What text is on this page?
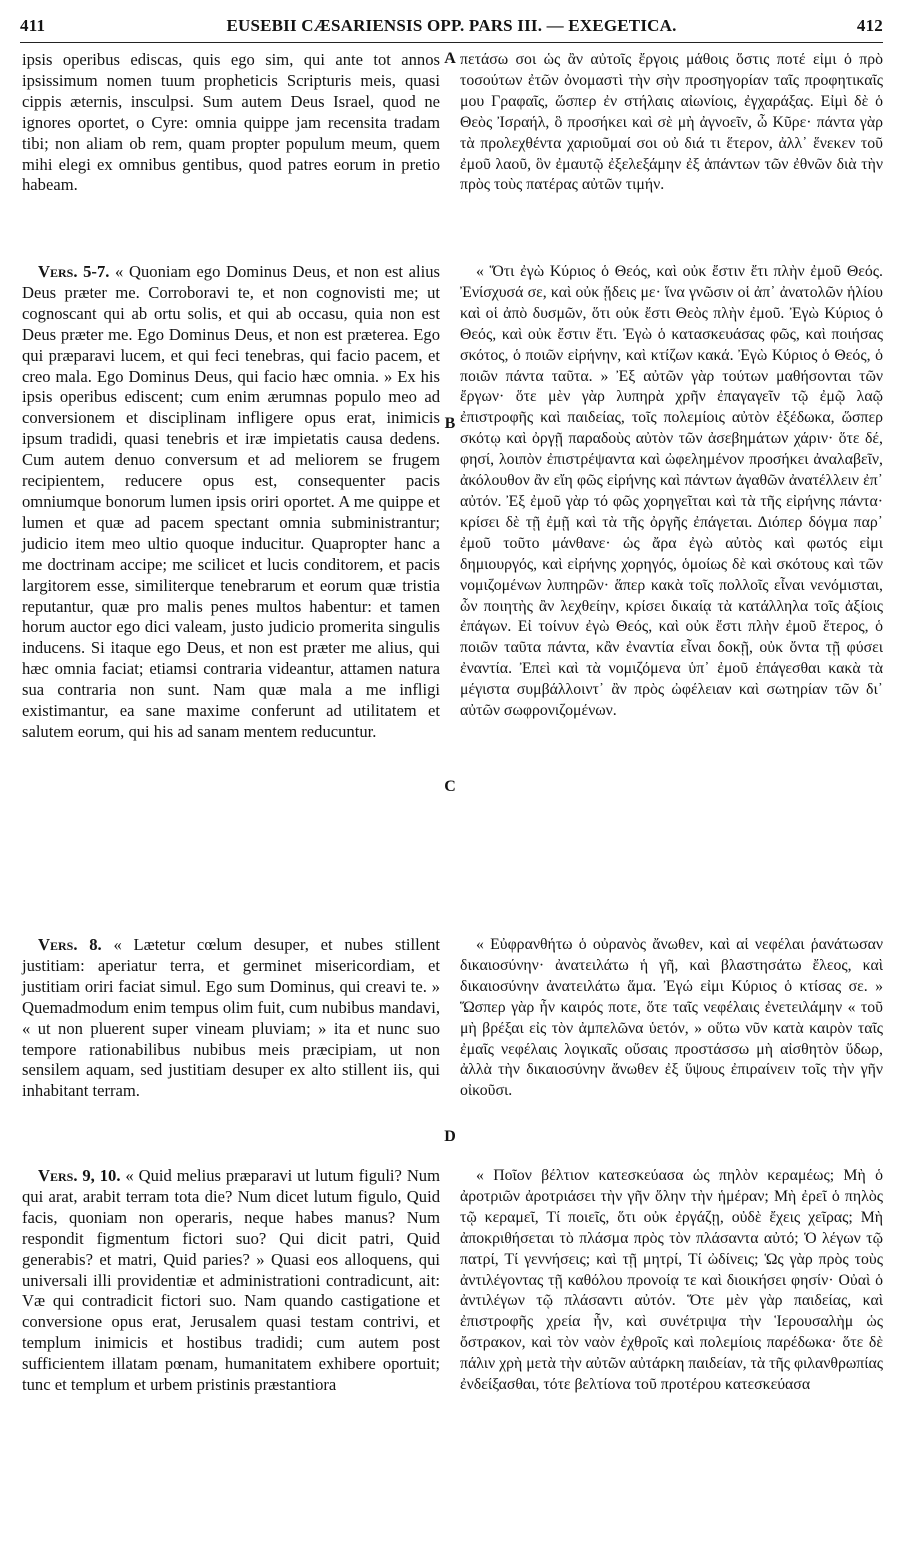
411	EUSEBII CÆSARIENSIS OPP. PARS III. — EXEGETICA.	412

ipsis operibus ediscas, quis ego sim, qui ante tot annos ipsissimum nomen tuum propheticis Scripturis meis, quasi cippis æternis, insculpsi. Sum autem Deus Israel, quod ne ignores oportet, o Cyre: omnia quippe jam recensita tradam tibi; non aliam ob rem, quam propter populum meum, quem mihi elegi ex omnibus gentibus, quod patres eorum in pretio habeam.

Vers. 5-7. « Quoniam ego Dominus Deus, et non est alius Deus præter me. Corroboravi te, et non cognovisti me; ut cognoscant qui ab ortu solis, et qui ab occasu, quia non est Deus præter me. Ego Dominus Deus, et non est præterea. Ego qui præparavi lucem, et qui feci tenebras, qui facio pacem, et creo mala. Ego Dominus Deus, qui facio hæc omnia. » Ex his ipsis operibus ediscent; cum enim ærumnas populo meo ad conversionem et disciplinam infligere opus erat, inimicis ipsum tradidi, quasi tenebris et iræ impietatis causa dedens. Cum autem denuo conversum et ad meliorem se frugem recipientem, reducere opus est, consequenter pacis omniumque bonorum lumen ipsis oriri oportet. A me quippe et lumen et quæ ad pacem spectant omnia subministrantur; judicio item meo ultio quoque inducitur. Quapropter hanc a me doctrinam accipe; me scilicet et lucis conditorem, et pacis largitorem esse, similiterque tenebrarum et eorum quæ tristia reputantur, quæ pro malis penes multos habentur: et tamen horum auctor ego dici valeam, justo judicio promerita singulis inducens. Si itaque ego Deus, et non est præter me alius, qui hæc omnia faciat; etiamsi contraria videantur, attamen natura sua contraria non sunt. Nam quæ mala a me infligi existimantur, ea sane maxime conferunt ad utilitatem et salutem eorum, qui his ad sanam mentem reducuntur.

Vers. 8. « Lætetur cœlum desuper, et nubes stillent justitiam: aperiatur terra, et germinet misericordiam, et justitiam oriri faciat simul. Ego sum Dominus, qui creavi te. » Quemadmodum enim tempus olim fuit, cum nubibus mandavi, « ut non pluerent super vineam pluviam; » ita et nunc suo tempore rationabilibus nubibus meis præcipiam, ut non sensilem aquam, sed justitiam desuper ex alto stillent iis, qui inhabitant terram.

Vers. 9, 10. « Quid melius præparavi ut lutum figuli? Num qui arat, arabit terram tota die? Num dicet lutum figulo, Quid facis, quoniam non operaris, neque habes manus? Num respondit figmentum fictori suo? Qui dicit patri, Quid generabis? et matri, Quid paries? » Quasi eos alloquens, qui universali illi providentiæ et administrationi contradicunt, ait: Væ qui contradicit fictori suo. Nam quando castigatione et conversione opus erat, Jerusalem quasi testam contrivi, et templum inimicis et hostibus tradidi; cum autem post sufficientem illatam pœnam, humanitatem exhibere oportuit; tunc et templum et urbem pristinis præstantiora

A
B
C
D

πετάσω σοι ὡς ἂν αὐτοῖς ἔργοις μάθοις ὅστις ποτέ εἰμι ὁ πρὸ τοσούτων ἐτῶν ὀνομαστὶ τὴν σὴν προσηγορίαν ταῖς προφητικαῖς μου Γραφαῖς, ὥσπερ ἐν στήλαις αἰωνίοις, ἐγχαράξας. Εἰμὶ δὲ ὁ Θεὸς Ἰσραήλ, ὃ προσήκει καὶ σὲ μὴ ἀγνοεῖν, ὦ Κῦρε· πάντα γὰρ τὰ προλεχθέντα χαριοῦμαί σοι οὐ διά τι ἕτερον, ἀλλ᾽ ἕνεκεν τοῦ ἐμοῦ λαοῦ, ὃν ἐμαυτῷ ἐξελεξάμην ἐξ ἁπάντων τῶν ἐθνῶν διὰ τὴν πρὸς τοὺς πατέρας αὐτῶν τιμήν.

« Ὅτι ἐγὼ Κύριος ὁ Θεός, καὶ οὐκ ἔστιν ἔτι πλὴν ἐμοῦ Θεός. Ἐνίσχυσά σε, καὶ οὐκ ᾔδεις με· ἵνα γνῶσιν οἱ ἀπ᾽ ἀνατολῶν ἡλίου καὶ οἱ ἀπὸ δυσμῶν, ὅτι οὐκ ἔστι Θεὸς πλὴν ἐμοῦ. Ἐγὼ Κύριος ὁ Θεός, καὶ οὐκ ἔστιν ἔτι. Ἐγὼ ὁ κατασκευάσας φῶς, καὶ ποιήσας σκότος, ὁ ποιῶν εἰρήνην, καὶ κτίζων κακά. Ἐγὼ Κύριος ὁ Θεός, ὁ ποιῶν πάντα ταῦτα. » Ἐξ αὐτῶν γὰρ τούτων μαθήσονται τῶν ἔργων· ὅτε μὲν γὰρ λυπηρὰ χρῆν ἐπαγαγεῖν τῷ ἐμῷ λαῷ ἐπιστροφῆς καὶ παιδείας, τοῖς πολεμίοις αὐτὸν ἐξέδωκα, ὥσπερ σκότῳ καὶ ὀργῇ παραδοὺς αὐτὸν τῶν ἀσεβημάτων χάριν· ὅτε δέ, φησί, λοιπὸν ἐπιστρέψαντα καὶ ὠφελημένον προσήκει ἀναλαβεῖν, ἀκόλουθον ἂν εἴη φῶς εἰρήνης καὶ πάντων ἀγαθῶν ἀνατέλλειν ἐπ᾽ αὐτόν. Ἐξ ἐμοῦ γὰρ τό φῶς χορηγεῖται καὶ τὰ τῆς εἰρήνης πάντα· κρίσει δὲ τῇ ἐμῇ καὶ τὰ τῆς ὀργῆς ἐπάγεται. Διόπερ δόγμα παρ᾽ ἐμοῦ τοῦτο μάνθανε· ὡς ἄρα ἐγὼ αὐτὸς καὶ φωτός εἰμι δημιουργός, καὶ εἰρήνης χορηγός, ὁμοίως δὲ καὶ σκότους καὶ τῶν νομιζομένων λυπηρῶν· ἅπερ κακὰ τοῖς πολλοῖς εἶναι νενόμισται, ὧν ποιητὴς ἂν λεχθείην, κρίσει δικαίᾳ τὰ κατάλληλα τοῖς ἀξίοις ἐπάγων. Εἰ τοίνυν ἐγὼ Θεός, καὶ οὐκ ἔστι πλὴν ἐμοῦ ἕτερος, ὁ ποιῶν ταῦτα πάντα, κἂν ἐναντία εἶναι δοκῇ, οὐκ ὄντα τῇ φύσει ἐναντία. Ἐπεὶ καὶ τὰ νομιζόμενα ὑπ᾽ ἐμοῦ ἐπάγεσθαι κακὰ τὰ μέγιστα συμβάλλοιντ᾽ ἂν πρὸς ὠφέλειαν καὶ σωτηρίαν τῶν δι᾽ αὐτῶν σωφρονιζομένων.

« Εὐφρανθήτω ὁ οὐρανὸς ἄνωθεν, καὶ αἱ νεφέλαι ῥανάτωσαν δικαιοσύνην· ἀνατειλάτω ἡ γῆ, καὶ βλαστησάτω ἔλεος, καὶ δικαιοσύνην ἀνατειλάτω ἅμα. Ἐγώ εἰμι Κύριος ὁ κτίσας σε. » Ὥσπερ γὰρ ἦν καιρός ποτε, ὅτε ταῖς νεφέλαις ἐνετειλάμην « τοῦ μὴ βρέξαι εἰς τὸν ἀμπελῶνα ὑετόν, » οὕτω νῦν κατὰ καιρὸν ταῖς ἐμαῖς νεφέλαις λογικαῖς οὔσαις προστάσσω μὴ αἰσθητὸν ὕδωρ, ἀλλὰ τὴν δικαιοσύνην ἄνωθεν ἐξ ὕψους ἐπιραίνειν τοῖς τὴν γῆν οἰκοῦσι.

« Ποῖον βέλτιον κατεσκεύασα ὡς πηλὸν κεραμέως; Μὴ ὁ ἀροτριῶν ἀροτριάσει τὴν γῆν ὅλην τὴν ἡμέραν; Μὴ ἐρεῖ ὁ πηλὸς τῷ κεραμεῖ, Τί ποιεῖς, ὅτι οὐκ ἐργάζῃ, οὐδὲ ἔχεις χεῖρας; Μὴ ἀποκριθήσεται τὸ πλάσμα πρὸς τὸν πλάσαντα αὐτό; Ὁ λέγων τῷ πατρί, Τί γεννήσεις; καὶ τῇ μητρί, Τί ὠδίνεις; Ὡς γὰρ πρὸς τοὺς ἀντιλέγοντας τῇ καθόλου προνοίᾳ τε καὶ διοικήσει φησίν· Οὐαὶ ὁ ἀντιλέγων τῷ πλάσαντι αὐτόν. Ὅτε μὲν γὰρ παιδείας, καὶ ἐπιστροφῆς χρεία ἦν, καὶ συνέτριψα τὴν Ἱερουσαλὴμ ὡς ὄστρακον, καὶ τὸν ναὸν ἐχθροῖς καὶ πολεμίοις παρέδωκα· ὅτε δὲ πάλιν χρὴ μετὰ τὴν αὐτῶν αὐτάρκη παιδείαν, τὰ τῆς φιλανθρωπίας ἐνδείξασθαι, τότε βελτίονα τοῦ προτέρου κατεσκεύασα
